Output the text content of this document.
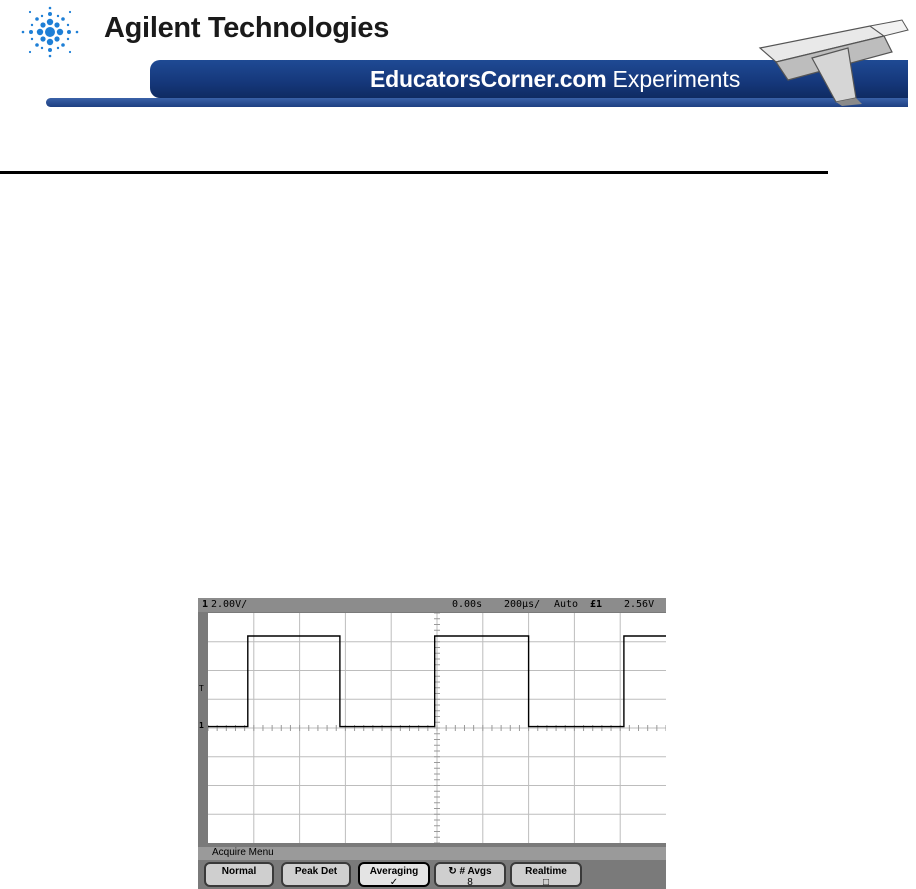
Agilent Technologies
EducatorsCorner.com Experiments
1 2.00V/	0.00s 200µs/ Auto £1 2.56V
T
1
Acquire Menu
Normal	Peak Det	Averaging
✓
↻ # Avgs
8
Realtime
□
